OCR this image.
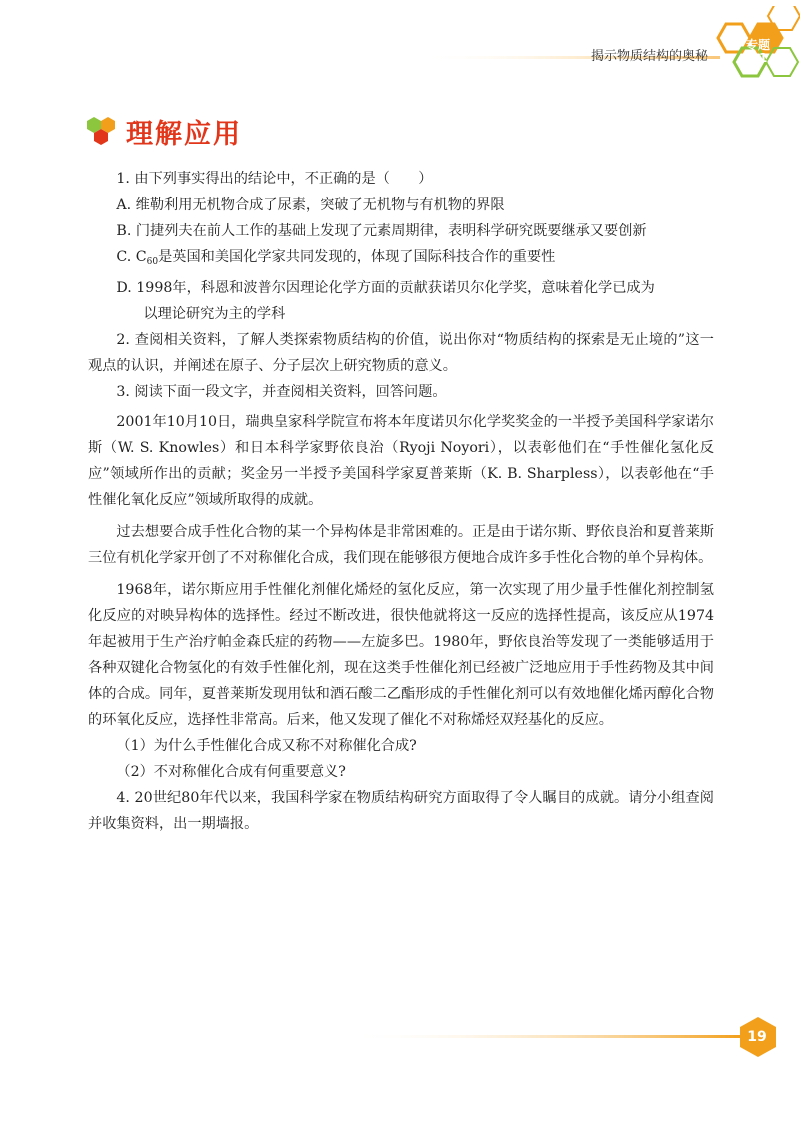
揭示物质结构的奥秘
专题
1
理解应用

1. 由下列事实得出的结论中，不正确的是（　　）

A. 维勒利用无机物合成了尿素，突破了无机物与有机物的界限

B. 门捷列夫在前人工作的基础上发现了元素周期律，表明科学研究既要继承又要创新

C. $C_{60}$是英国和美国化学家共同发现的，体现了国际科技合作的重要性

D. 1998年，科恩和波普尔因理论化学方面的贡献获诺贝尔化学奖，意味着化学已成为

以理论研究为主的学科

2. 查阅相关资料，了解人类探索物质结构的价值，说出你对“物质结构的探索是无止境的”这一观点的认识，并阐述在原子、分子层次上研究物质的意义。

3. 阅读下面一段文字，并查阅相关资料，回答问题。

2001年10月10日，瑞典皇家科学院宣布将本年度诺贝尔化学奖奖金的一半授予美国科学家诺尔斯（W. S. Knowles）和日本科学家野依良治（Ryoji Noyori），以表彰他们在“手性催化氢化反应”领域所作出的贡献；奖金另一半授予美国科学家夏普莱斯（K. B. Sharpless），以表彰他在“手性催化氧化反应”领域所取得的成就。

过去想要合成手性化合物的某一个异构体是非常困难的。正是由于诺尔斯、野依良治和夏普莱斯三位有机化学家开创了不对称催化合成，我们现在能够很方便地合成许多手性化合物的单个异构体。

1968年，诺尔斯应用手性催化剂催化烯烃的氢化反应，第一次实现了用少量手性催化剂控制氢化反应的对映异构体的选择性。经过不断改进，很快他就将这一反应的选择性提高，该反应从1974年起被用于生产治疗帕金森氏症的药物——左旋多巴。1980年，野依良治等发现了一类能够适用于各种双键化合物氢化的有效手性催化剂，现在这类手性催化剂已经被广泛地应用于手性药物及其中间体的合成。同年，夏普莱斯发现用钛和酒石酸二乙酯形成的手性催化剂可以有效地催化烯丙醇化合物的环氧化反应，选择性非常高。后来，他又发现了催化不对称烯烃双羟基化的反应。

（1）为什么手性催化合成又称不对称催化合成?

（2）不对称催化合成有何重要意义?

4. 20世纪80年代以来，我国科学家在物质结构研究方面取得了令人瞩目的成就。请分小组查阅并收集资料，出一期墙报。

19
